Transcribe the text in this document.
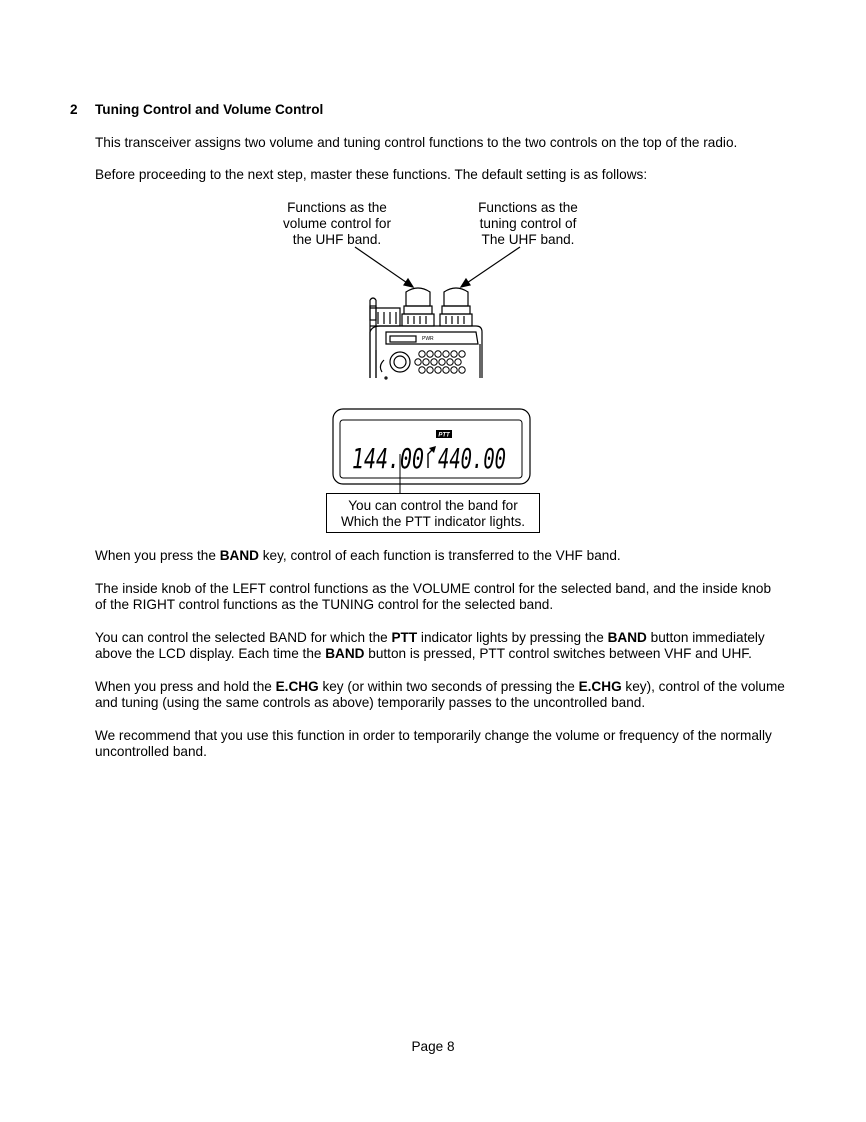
2 Tuning Control and Volume Control

This transceiver assigns two volume and tuning control functions to the two controls on the top of the radio.

Before proceeding to the next step, master these functions. The default setting is as follows:

Functions as the
volume control for
the UHF band.
Functions as the
tuning control of
The UHF band.
PWR
PTT
144.00 440.00
You can control the band for
Which the PTT indicator lights.

When you press the BAND key, control of each function is transferred to the VHF band.

The inside knob of the LEFT control functions as the VOLUME control for the selected band, and the inside knob

of the RIGHT control functions as the TUNING control for the selected band.

You can control the selected BAND for which the PTT indicator lights by pressing the BAND button immediately

above the LCD display. Each time the BAND button is pressed, PTT control switches between VHF and UHF.

When you press and hold the E.CHG key (or within two seconds of pressing the E.CHG key), control of the volume

and tuning (using the same controls as above) temporarily passes to the uncontrolled band.

We recommend that you use this function in order to temporarily change the volume or frequency of the normally

uncontrolled band.

Page 8
